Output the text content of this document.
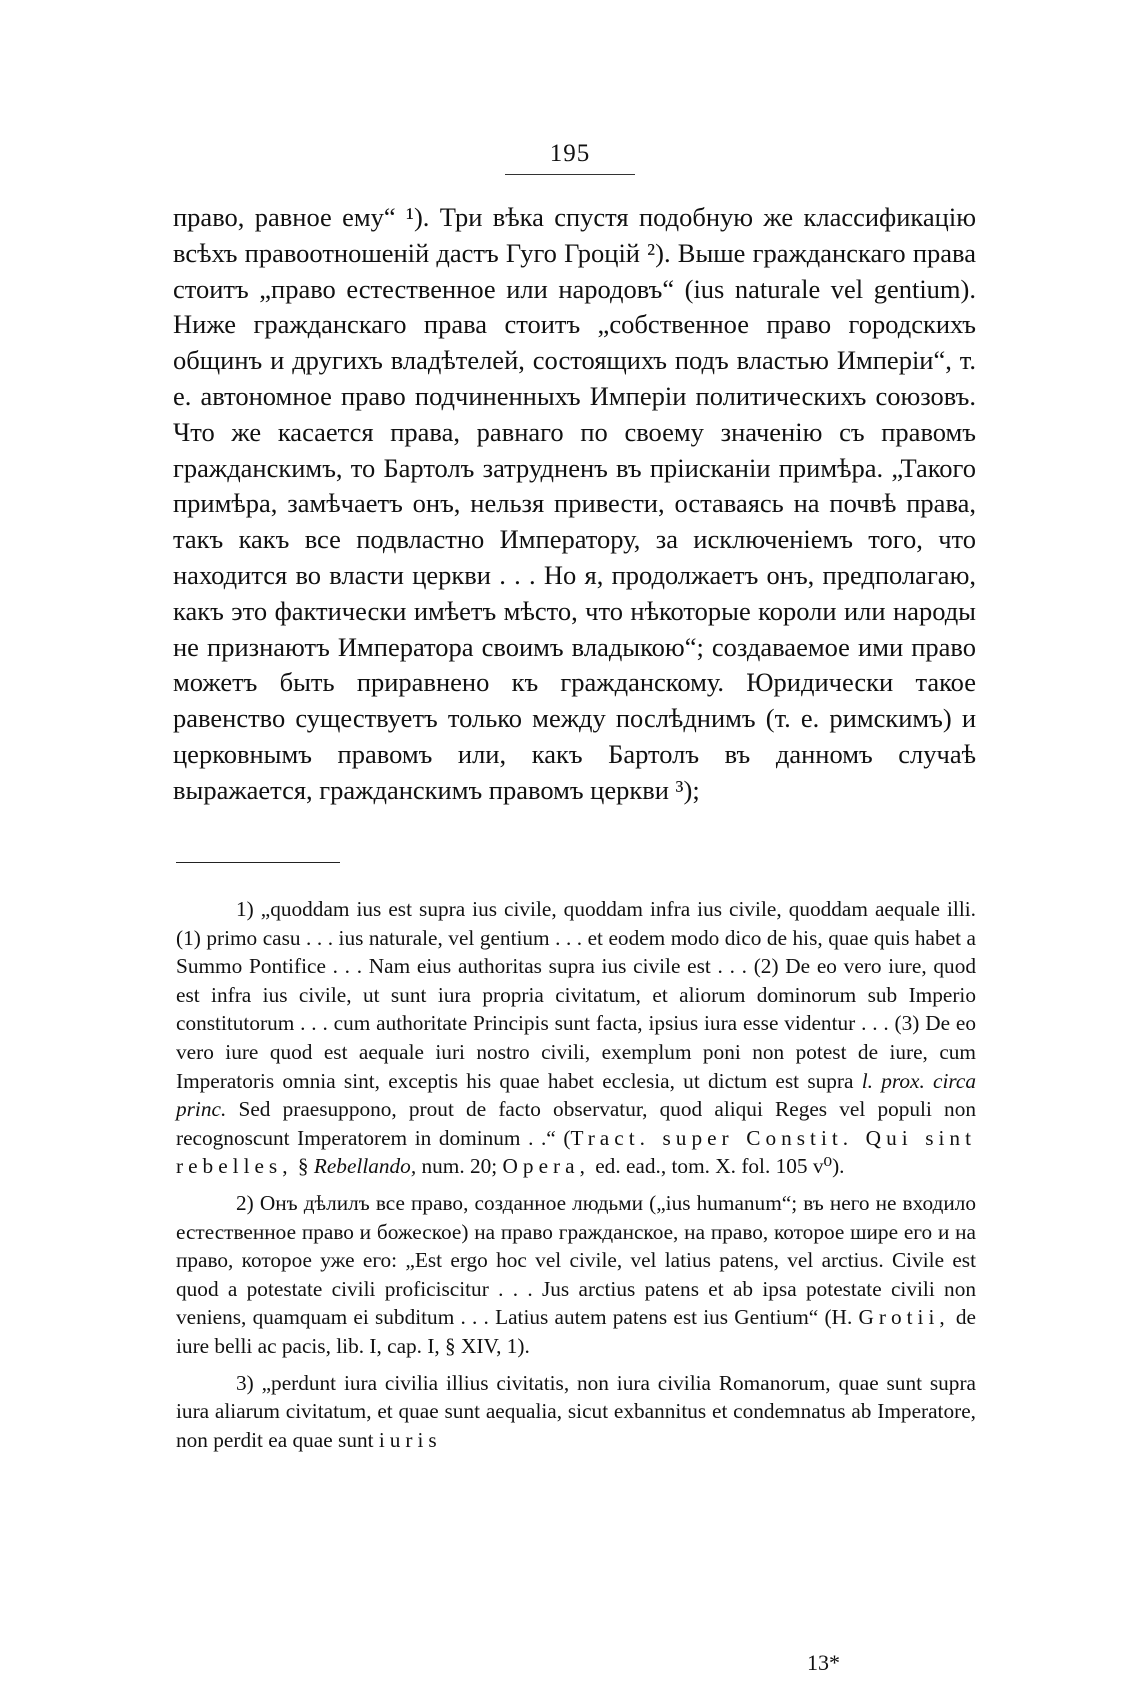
195

право, равное ему“ ¹). Три вѣка спустя подобную же классификацію всѣхъ правоотношеній дастъ Гуго Гроцій ²). Выше гражданскаго права стоитъ „право естественное или народовъ“ (ius naturale vel gentium). Ниже гражданскаго права стоитъ „собственное право городскихъ общинъ и другихъ владѣтелей, состоящихъ подъ властью Имперіи“, т. е. автономное право подчиненныхъ Имперіи политическихъ союзовъ. Что же касается права, равнаго по своему значенію съ правомъ гражданскимъ, то Бартолъ затрудненъ въ пріисканіи примѣра. „Такого примѣра, замѣчаетъ онъ, нельзя привести, оставаясь на почвѣ права, такъ какъ все подвластно Императору, за исключеніемъ того, что находится во власти церкви . . . Но я, продолжаетъ онъ, предполагаю, какъ это фактически имѣетъ мѣсто, что нѣкоторые короли или народы не признаютъ Императора своимъ владыкою“; создаваемое ими право можетъ быть приравнено къ гражданскому. Юридически такое равенство существуетъ только между послѣднимъ (т. е. римскимъ) и церковнымъ правомъ или, какъ Бартолъ въ данномъ случаѣ выражается, гражданскимъ правомъ церкви ³);

1) „quoddam ius est supra ius civile, quoddam infra ius civile, quoddam aequale illi. (1) primo casu . . . ius naturale, vel gentium . . . et eodem modo dico de his, quae quis habet a Summo Pontifice . . . Nam eius authoritas supra ius civile est . . . (2) De eo vero iure, quod est infra ius civile, ut sunt iura propria civitatum, et aliorum dominorum sub Imperio constitutorum . . . cum authoritate Principis sunt facta, ipsius iura esse videntur . . . (3) De eo vero iure quod est aequale iuri nostro civili, exemplum poni non potest de iure, cum Imperatoris omnia sint, exceptis his quae habet ecclesia, ut dictum est supra l. prox. circa princ. Sed praesuppono, prout de facto observatur, quod aliqui Reges vel populi non recognoscunt Imperatorem in dominum . .“ (Tract. super Constit. Qui sint rebelles, § Rebellando, num. 20; Opera, ed. ead., tom. X. fol. 105 v⁰).

2) Онъ дѣлилъ все право, созданное людьми („ius humanum“; въ него не входило естественное право и божеское) на право гражданское, на право, которое шире его и на право, которое уже его: „Est ergo hoc vel civile, vel latius patens, vel arctius. Civile est quod a potestate civili proficiscitur . . . Jus arctius patens et ab ipsa potestate civili non veniens, quamquam ei subditum . . . Latius autem patens est ius Gentium“ (H. Grotii, de iure belli ac pacis, lib. I, cap. I, § XIV, 1).

3) „perdunt iura civilia illius civitatis, non iura civilia Romanorum, quae sunt supra iura aliarum civitatum, et quae sunt aequalia, sicut exbannitus et condemnatus ab Imperatore, non perdit ea quae sunt iuris

13*
